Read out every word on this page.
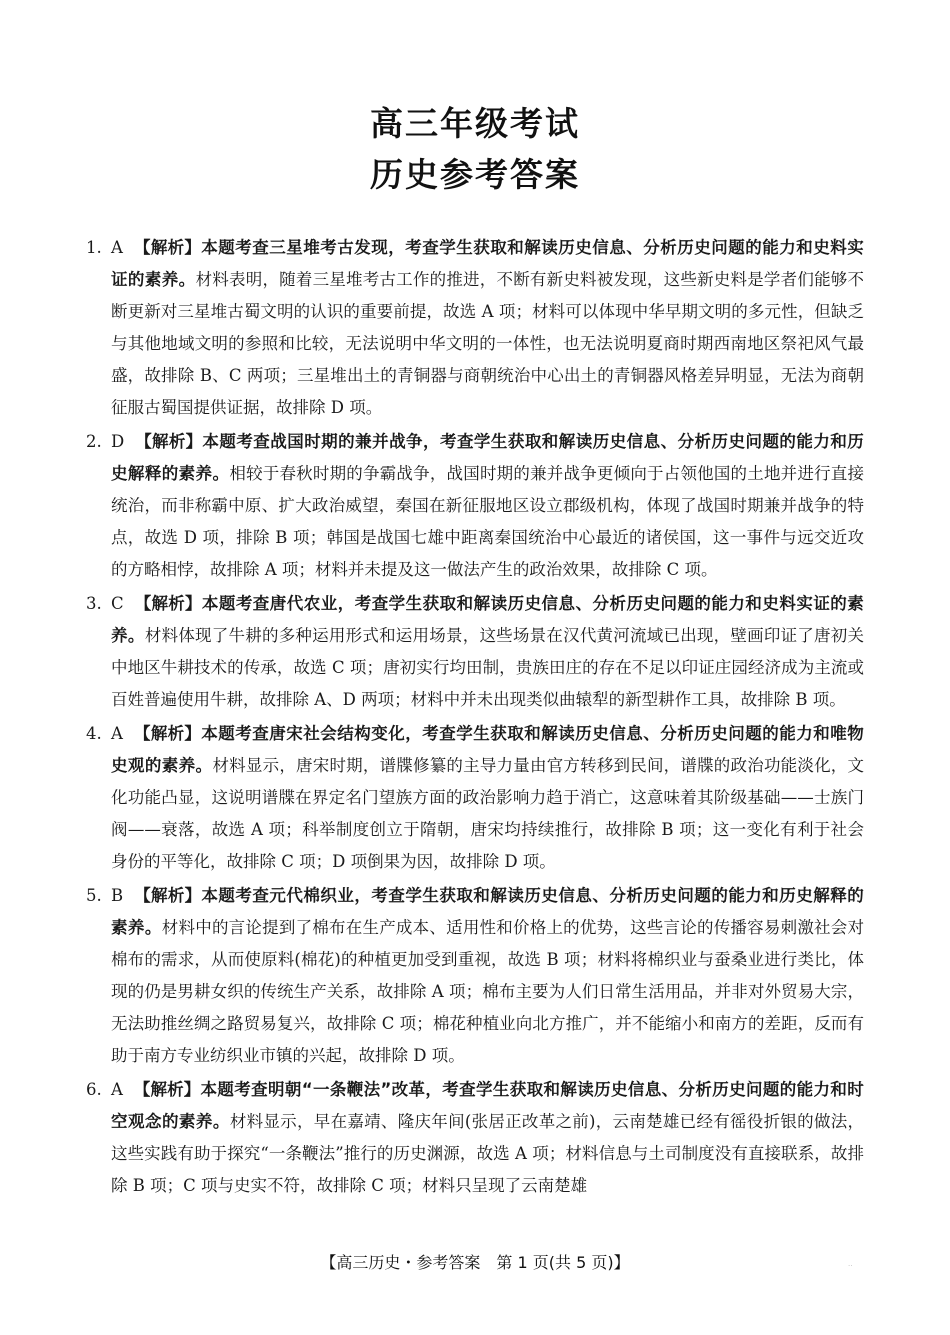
高三年级考试
历史参考答案

1. A 【解析】本题考查三星堆考古发现，考查学生获取和解读历史信息、分析历史问题的能力和史料实证的素养。材料表明，随着三星堆考古工作的推进，不断有新史料被发现，这些新史料是学者们能够不断更新对三星堆古蜀文明的认识的重要前提，故选 A 项；材料可以体现中华早期文明的多元性，但缺乏与其他地域文明的参照和比较，无法说明中华文明的一体性，也无法说明夏商时期西南地区祭祀风气最盛，故排除 B、C 两项；三星堆出土的青铜器与商朝统治中心出土的青铜器风格差异明显，无法为商朝征服古蜀国提供证据，故排除 D 项。

2. D 【解析】本题考查战国时期的兼并战争，考查学生获取和解读历史信息、分析历史问题的能力和历史解释的素养。相较于春秋时期的争霸战争，战国时期的兼并战争更倾向于占领他国的土地并进行直接统治，而非称霸中原、扩大政治威望，秦国在新征服地区设立郡级机构，体现了战国时期兼并战争的特点，故选 D 项，排除 B 项；韩国是战国七雄中距离秦国统治中心最近的诸侯国，这一事件与远交近攻的方略相悖，故排除 A 项；材料并未提及这一做法产生的政治效果，故排除 C 项。

3. C 【解析】本题考查唐代农业，考查学生获取和解读历史信息、分析历史问题的能力和史料实证的素养。材料体现了牛耕的多种运用形式和运用场景，这些场景在汉代黄河流域已出现，壁画印证了唐初关中地区牛耕技术的传承，故选 C 项；唐初实行均田制，贵族田庄的存在不足以印证庄园经济成为主流或百姓普遍使用牛耕，故排除 A、D 两项；材料中并未出现类似曲辕犁的新型耕作工具，故排除 B 项。

4. A 【解析】本题考查唐宋社会结构变化，考查学生获取和解读历史信息、分析历史问题的能力和唯物史观的素养。材料显示，唐宋时期，谱牒修纂的主导力量由官方转移到民间，谱牒的政治功能淡化，文化功能凸显，这说明谱牒在界定名门望族方面的政治影响力趋于消亡，这意味着其阶级基础——士族门阀——衰落，故选 A 项；科举制度创立于隋朝，唐宋均持续推行，故排除 B 项；这一变化有利于社会身份的平等化，故排除 C 项；D 项倒果为因，故排除 D 项。

5. B 【解析】本题考查元代棉织业，考查学生获取和解读历史信息、分析历史问题的能力和历史解释的素养。材料中的言论提到了棉布在生产成本、适用性和价格上的优势，这些言论的传播容易刺激社会对棉布的需求，从而使原料(棉花)的种植更加受到重视，故选 B 项；材料将棉织业与蚕桑业进行类比，体现的仍是男耕女织的传统生产关系，故排除 A 项；棉布主要为人们日常生活用品，并非对外贸易大宗，无法助推丝绸之路贸易复兴，故排除 C 项；棉花种植业向北方推广，并不能缩小和南方的差距，反而有助于南方专业纺织业市镇的兴起，故排除 D 项。

6. A 【解析】本题考查明朝“一条鞭法”改革，考查学生获取和解读历史信息、分析历史问题的能力和时空观念的素养。材料显示，早在嘉靖、隆庆年间(张居正改革之前)，云南楚雄已经有徭役折银的做法，这些实践有助于探究“一条鞭法”推行的历史渊源，故选 A 项；材料信息与土司制度没有直接联系，故排除 B 项；C 项与史实不符，故排除 C 项；材料只呈现了云南楚雄

【高三历史・参考答案　第 1 页(共 5 页)】	··
